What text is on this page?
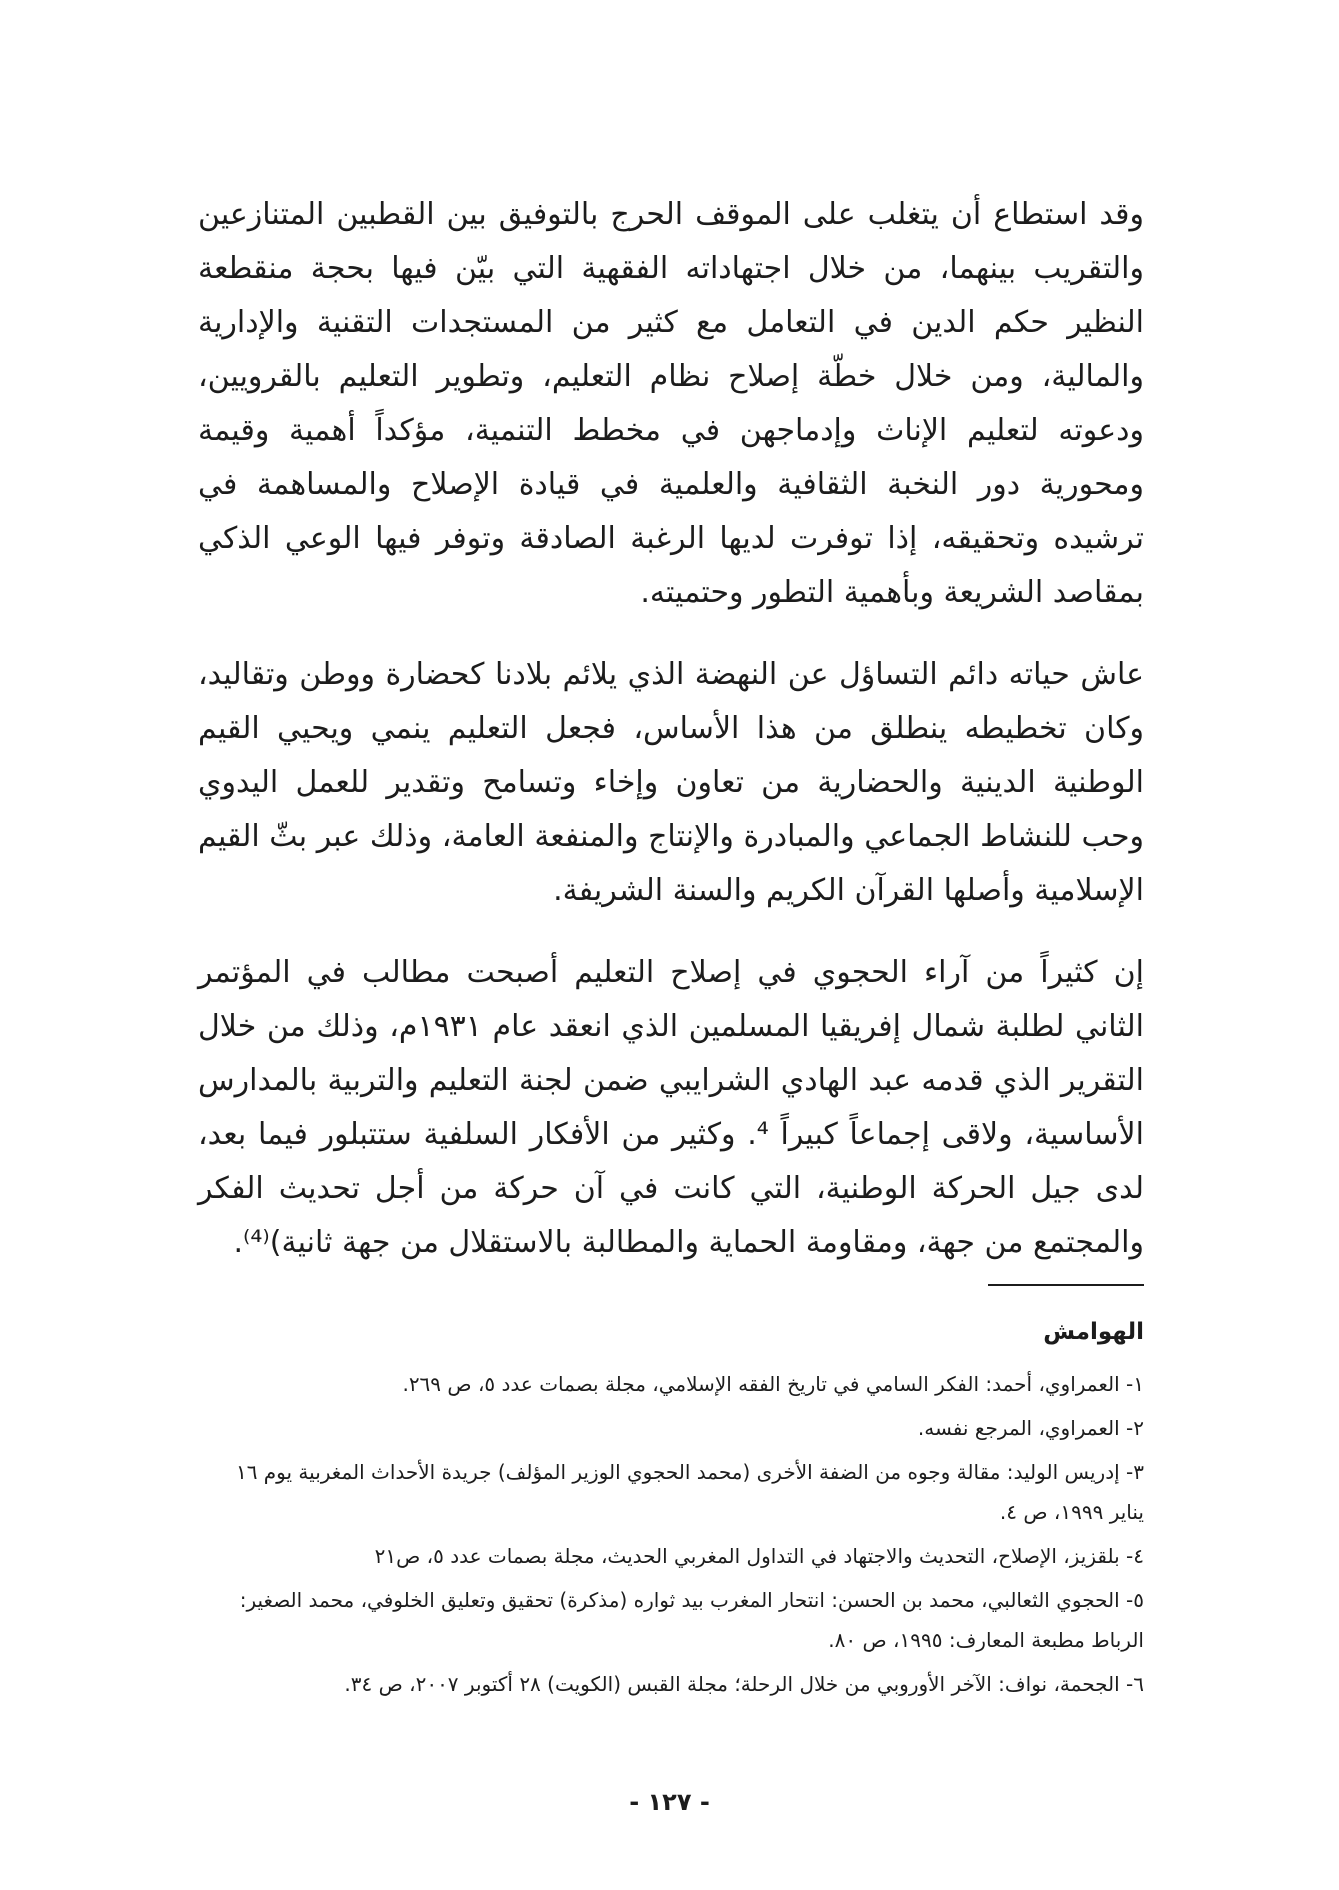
وقد استطاع أن يتغلب على الموقف الحرج بالتوفيق بين القطبين المتنازعين والتقريب بينهما، من خلال اجتهاداته الفقهية التي بيّن فيها بحجة منقطعة النظير حكم الدين في التعامل مع كثير من المستجدات التقنية والإدارية والمالية، ومن خلال خطّة إصلاح نظام التعليم، وتطوير التعليم بالقرويين، ودعوته لتعليم الإناث وإدماجهن في مخطط التنمية، مؤكداً أهمية وقيمة ومحورية دور النخبة الثقافية والعلمية في قيادة الإصلاح والمساهمة في ترشيده وتحقيقه، إذا توفرت لديها الرغبة الصادقة وتوفر فيها الوعي الذكي بمقاصد الشريعة وبأهمية التطور وحتميته.

عاش حياته دائم التساؤل عن النهضة الذي يلائم بلادنا كحضارة ووطن وتقاليد، وكان تخطيطه ينطلق من هذا الأساس، فجعل التعليم ينمي ويحيي القيم الوطنية الدينية والحضارية من تعاون وإخاء وتسامح وتقدير للعمل اليدوي وحب للنشاط الجماعي والمبادرة والإنتاج والمنفعة العامة، وذلك عبر بثّ القيم الإسلامية وأصلها القرآن الكريم والسنة الشريفة.

إن كثيراً من آراء الحجوي في إصلاح التعليم أصبحت مطالب في المؤتمر الثاني لطلبة شمال إفريقيا المسلمين الذي انعقد عام ١٩٣١م، وذلك من خلال التقرير الذي قدمه عبد الهادي الشرايبي ضمن لجنة التعليم والتربية بالمدارس الأساسية، ولاقى إجماعاً كبيراً ⁴. وكثير من الأفكار السلفية ستتبلور فيما بعد، لدى جيل الحركة الوطنية، التي كانت في آن حركة من أجل تحديث الفكر والمجتمع من جهة، ومقاومة الحماية والمطالبة بالاستقلال من جهة ثانية)⁽⁴⁾.

الهوامش
١- العمراوي، أحمد: الفكر السامي في تاريخ الفقه الإسلامي، مجلة بصمات عدد ٥، ص ٢٦٩.
٢- العمراوي، المرجع نفسه.
٣- إدريس الوليد: مقالة وجوه من الضفة الأخرى (محمد الحجوي الوزير المؤلف) جريدة الأحداث المغربية يوم ١٦ يناير ١٩٩٩، ص ٤.
٤- بلقزيز، الإصلاح، التحديث والاجتهاد في التداول المغربي الحديث، مجلة بصمات عدد ٥، ص٢١
٥- الحجوي الثعالبي، محمد بن الحسن: انتحار المغرب بيد ثواره (مذكرة) تحقيق وتعليق الخلوفي، محمد الصغير: الرباط مطبعة المعارف: ١٩٩٥، ص ٨٠.
٦- الجحمة، نواف: الآخر الأوروبي من خلال الرحلة؛ مجلة القبس (الكويت) ٢٨ أكتوبر ٢٠٠٧، ص ٣٤.
- ١٢٧ -
